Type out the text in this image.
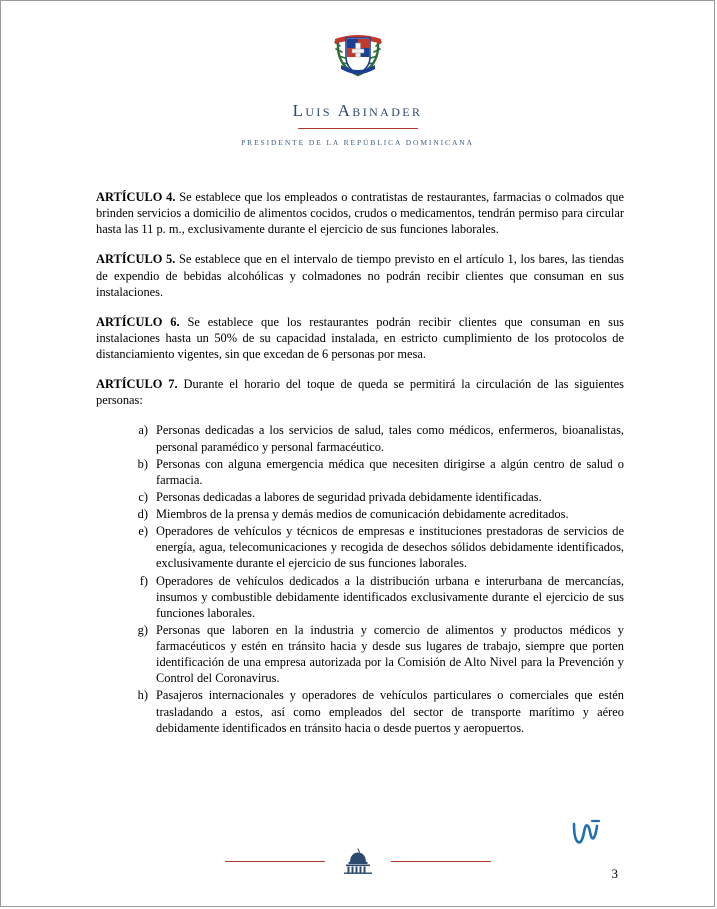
Luis Abinader
PRESIDENTE DE LA REPÚBLICA DOMINICANA

ARTÍCULO 4. Se establece que los empleados o contratistas de restaurantes, farmacias o colmados que brinden servicios a domicilio de alimentos cocidos, crudos o medicamentos, tendrán permiso para circular hasta las 11 p. m., exclusivamente durante el ejercicio de sus funciones laborales.

ARTÍCULO 5. Se establece que en el intervalo de tiempo previsto en el artículo 1, los bares, las tiendas de expendio de bebidas alcohólicas y colmadones no podrán recibir clientes que consuman en sus instalaciones.

ARTÍCULO 6. Se establece que los restaurantes podrán recibir clientes que consuman en sus instalaciones hasta un 50% de su capacidad instalada, en estricto cumplimiento de los protocolos de distanciamiento vigentes, sin que excedan de 6 personas por mesa.

ARTÍCULO 7. Durante el horario del toque de queda se permitirá la circulación de las siguientes personas:

a) Personas dedicadas a los servicios de salud, tales como médicos, enfermeros, bioanalistas, personal paramédico y personal farmacéutico.
b) Personas con alguna emergencia médica que necesiten dirigirse a algún centro de salud o farmacia.
c) Personas dedicadas a labores de seguridad privada debidamente identificadas.
d) Miembros de la prensa y demás medios de comunicación debidamente acreditados.
e) Operadores de vehículos y técnicos de empresas e instituciones prestadoras de servicios de energía, agua, telecomunicaciones y recogida de desechos sólidos debidamente identificados, exclusivamente durante el ejercicio de sus funciones laborales.
f) Operadores de vehículos dedicados a la distribución urbana e interurbana de mercancías, insumos y combustible debidamente identificados exclusivamente durante el ejercicio de sus funciones laborales.
g) Personas que laboren en la industria y comercio de alimentos y productos médicos y farmacéuticos y estén en tránsito hacia y desde sus lugares de trabajo, siempre que porten identificación de una empresa autorizada por la Comisión de Alto Nivel para la Prevención y Control del Coronavirus.
h) Pasajeros internacionales y operadores de vehículos particulares o comerciales que estén trasladando a estos, así como empleados del sector de transporte marítimo y aéreo debidamente identificados en tránsito hacia o desde puertos y aeropuertos.
3
